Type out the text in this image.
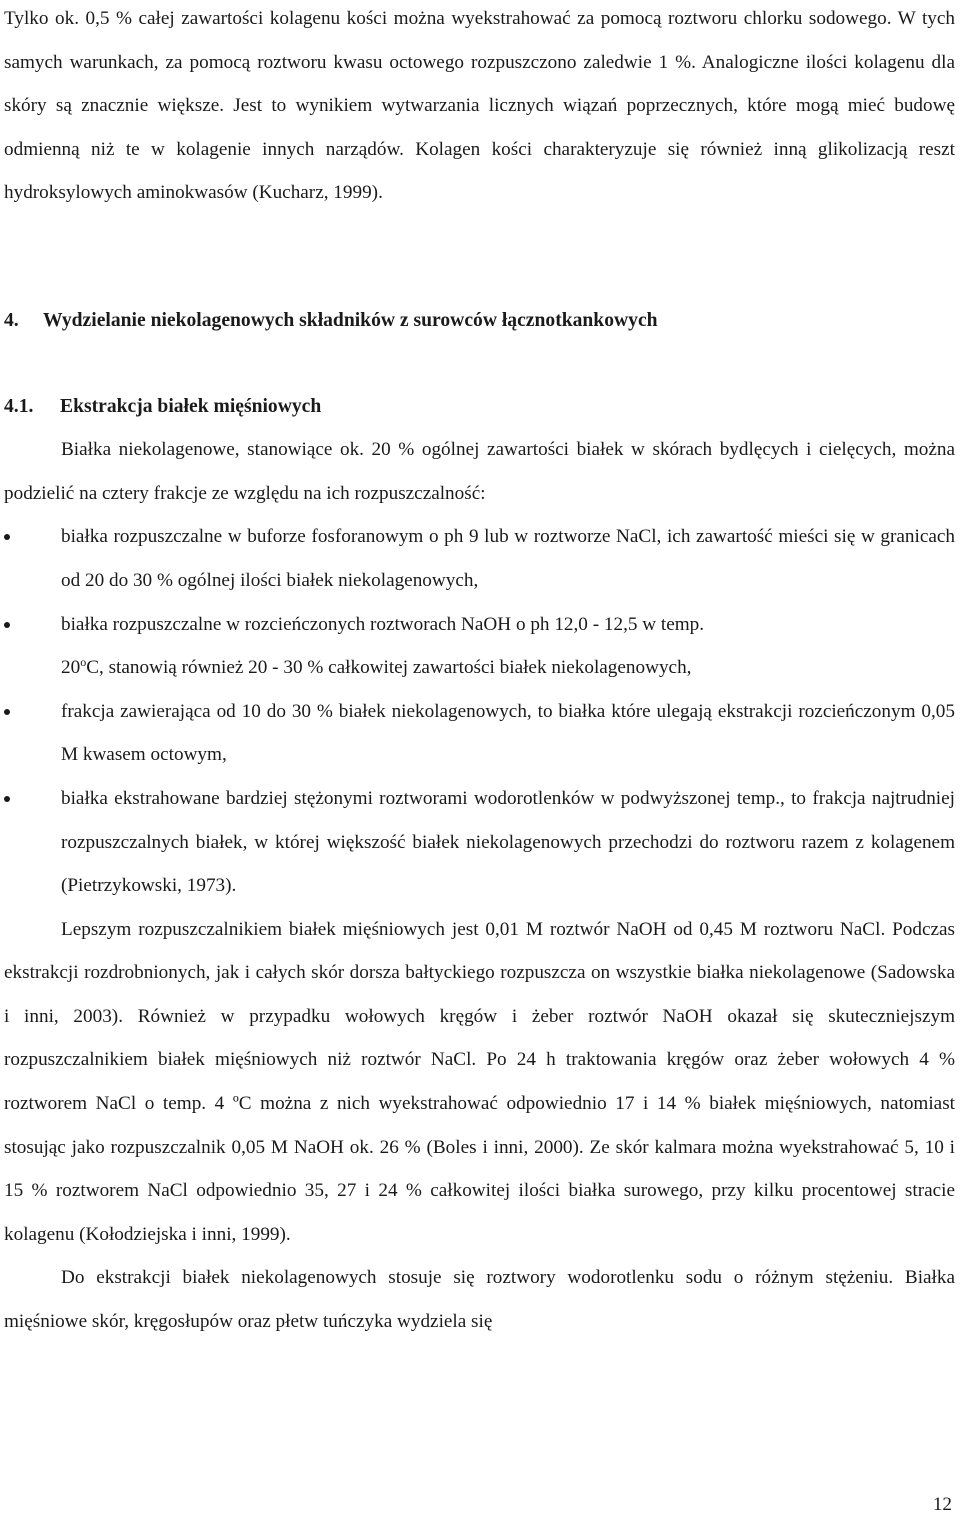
Tylko ok. 0,5 % całej zawartości kolagenu kości można wyekstrahować za pomocą roztworu chlorku sodowego. W tych samych warunkach, za pomocą roztworu kwasu octowego rozpuszczono zaledwie 1 %. Analogiczne ilości kolagenu dla skóry są znacznie większe. Jest to wynikiem wytwarzania licznych wiązań poprzecznych, które mogą mieć budowę odmienną niż te w kolagenie innych narządów. Kolagen kości charakteryzuje się również inną glikolizacją reszt hydroksylowych aminokwasów (Kucharz, 1999).

4.	Wydzielanie niekolagenowych składników z surowców łącznotkankowych
4.1.	Ekstrakcja białek mięśniowych

Białka niekolagenowe, stanowiące ok. 20 % ogólnej zawartości białek w skórach bydlęcych i cielęcych, można podzielić na cztery frakcje ze względu na ich rozpuszczalność:

białka rozpuszczalne w buforze fosforanowym o ph 9 lub w roztworze NaCl, ich zawartość mieści się w granicach od 20 do 30 % ogólnej ilości białek niekolagenowych,
białka rozpuszczalne w rozcieńczonych roztworach NaOH o ph 12,0 - 12,5 w temp.
20$^o$C, stanowią również 20 - 30 % całkowitej zawartości białek niekolagenowych,
frakcja zawierająca od 10 do 30 % białek niekolagenowych, to białka które ulegają ekstrakcji rozcieńczonym 0,05 M kwasem octowym,
białka ekstrahowane bardziej stężonymi roztworami wodorotlenków w podwyższonej temp., to frakcja najtrudniej rozpuszczalnych białek, w której większość białek niekolagenowych przechodzi do roztworu razem z kolagenem (Pietrzykowski, 1973).

Lepszym rozpuszczalnikiem białek mięśniowych jest 0,01 M roztwór NaOH od 0,45 M roztworu NaCl. Podczas ekstrakcji rozdrobnionych, jak i całych skór dorsza bałtyckiego rozpuszcza on wszystkie białka niekolagenowe (Sadowska i inni, 2003). Również w przypadku wołowych kręgów i żeber roztwór NaOH okazał się skuteczniejszym rozpuszczalnikiem białek mięśniowych niż roztwór NaCl. Po 24 h traktowania kręgów oraz żeber wołowych 4 % roztworem NaCl o temp. 4 ºC można z nich wyekstrahować odpowiednio 17 i 14 % białek mięśniowych, natomiast stosując jako rozpuszczalnik 0,05 M NaOH ok. 26 % (Boles i inni, 2000). Ze skór kalmara można wyekstrahować 5, 10 i 15 % roztworem NaCl odpowiednio 35, 27 i 24 % całkowitej ilości białka surowego, przy kilku procentowej stracie kolagenu (Kołodziejska i inni, 1999).

Do ekstrakcji białek niekolagenowych stosuje się roztwory wodorotlenku sodu o różnym stężeniu. Białka mięśniowe skór, kręgosłupów oraz płetw tuńczyka wydziela się

12
